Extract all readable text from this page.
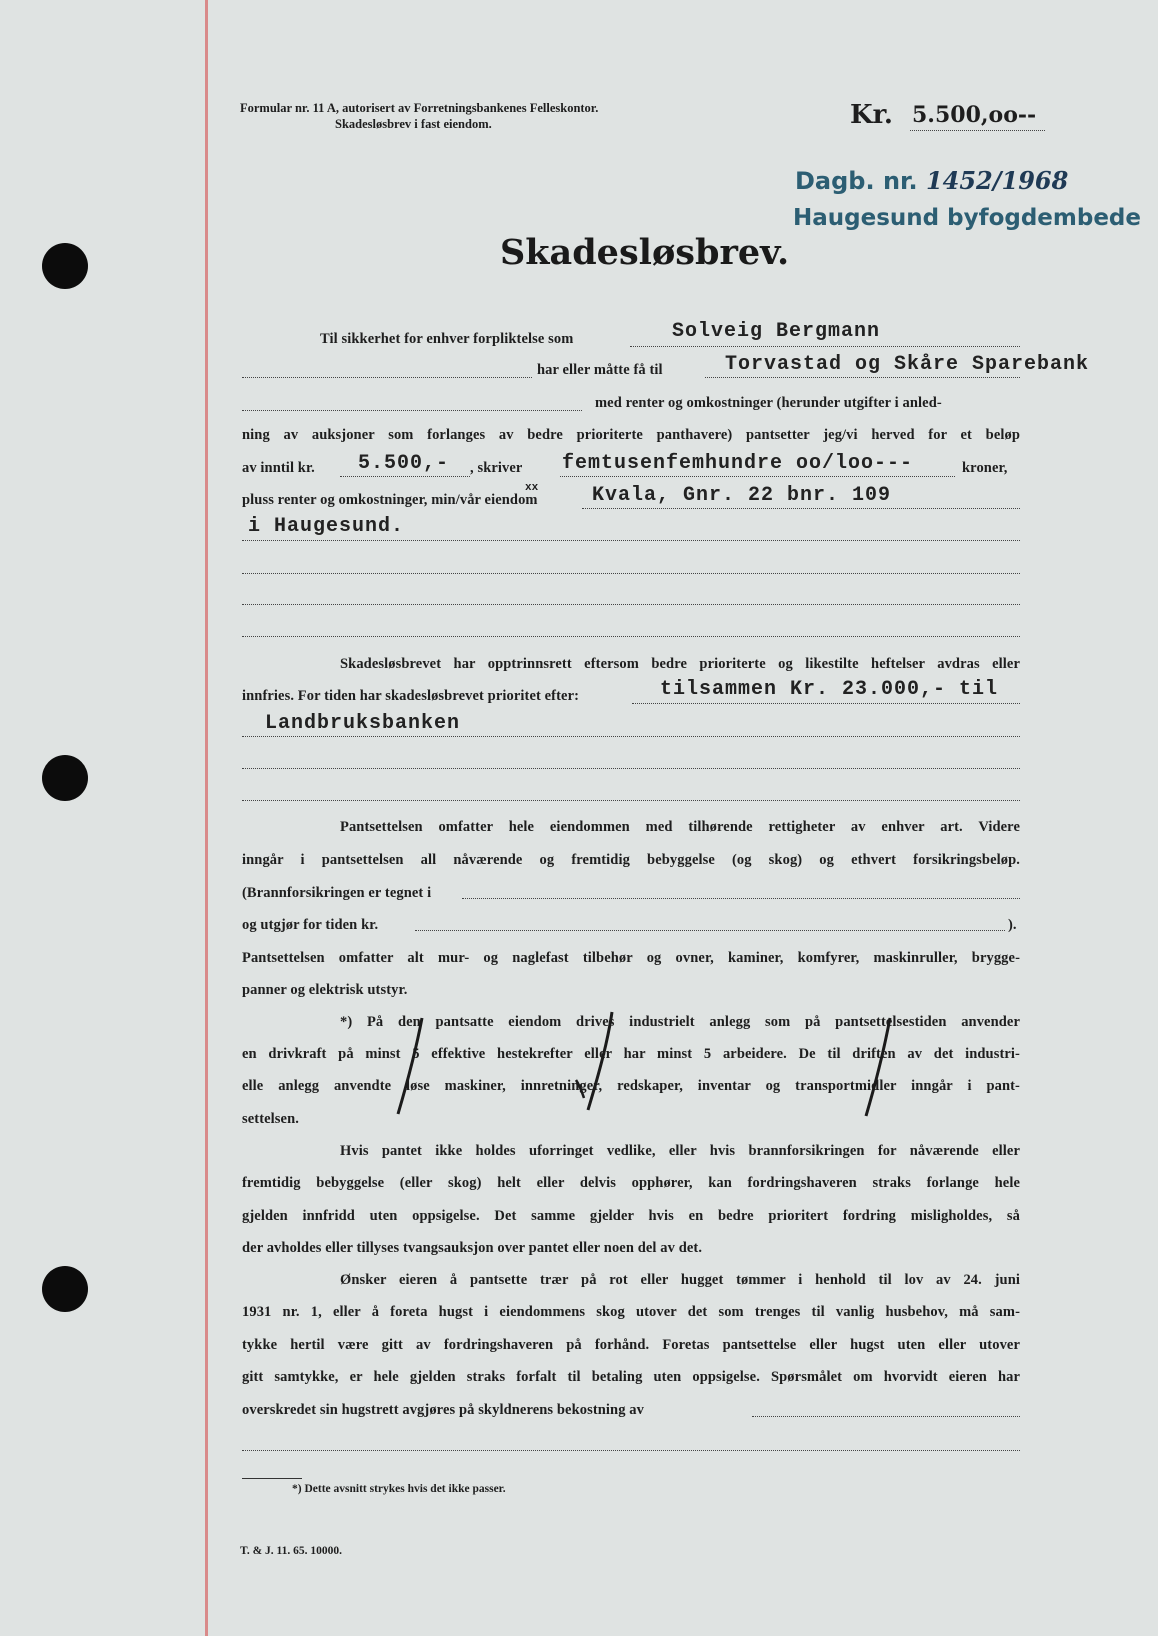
Formular nr. 11 A, autorisert av Forretningsbankenes Felleskontor.
Skadesløsbrev i fast eiendom.	Kr. 5.500,oo--
Dagb. nr. 1452/1968
Haugesund byfogdembede
Skadesløsbrev.
Til sikkerhet for enhver forpliktelse som	Solveig Bergmann
har eller måtte få til	Torvastad og Skåre Sparebank
med renter og omkostninger (herunder utgifter i anled-
ning av auksjoner som forlanges av bedre prioriterte panthavere) pantsetter jeg/vi herved for et beløp
av inntil kr. 5.500,- , skriver femtusenfemhundre oo/loo---	kroner,
pluss renter og omkostninger, min/vår eiendom
xx	Kvala, Gnr. 22 bnr. 109
i Haugesund.
Skadesløsbrevet har opptrinnsrett eftersom bedre prioriterte og likestilte heftelser avdras eller
innfries. For tiden har skadesløsbrevet prioritet efter:	tilsammen Kr. 23.000,- til
Landbruksbanken
Pantsettelsen omfatter hele eiendommen med tilhørende rettigheter av enhver art. Videre
inngår i pantsettelsen all nåværende og fremtidig bebyggelse (og skog) og ethvert forsikringsbeløp.
(Brannforsikringen er tegnet i
og utgjør for tiden kr.	).
Pantsettelsen omfatter alt mur- og naglefast tilbehør og ovner, kaminer, komfyrer, maskinruller, brygge-
panner og elektrisk utstyr.
*) På den pantsatte eiendom drives industrielt anlegg som på pantsettelsestiden anvender
en drivkraft på minst 5 effektive hestekrefter eller har minst 5 arbeidere. De til driften av det industri-
elle anlegg anvendte løse maskiner, innretninger, redskaper, inventar og transportmidler inngår i pant-
settelsen.
Hvis pantet ikke holdes uforringet vedlike, eller hvis brannforsikringen for nåværende eller
fremtidig bebyggelse (eller skog) helt eller delvis opphører, kan fordringshaveren straks forlange hele
gjelden innfridd uten oppsigelse. Det samme gjelder hvis en bedre prioritert fordring misligholdes, så
der avholdes eller tillyses tvangsauksjon over pantet eller noen del av det.
Ønsker eieren å pantsette trær på rot eller hugget tømmer i henhold til lov av 24. juni
1931 nr. 1, eller å foreta hugst i eiendommens skog utover det som trenges til vanlig husbehov, må sam-
tykke hertil være gitt av fordringshaveren på forhånd. Foretas pantsettelse eller hugst uten eller utover
gitt samtykke, er hele gjelden straks forfalt til betaling uten oppsigelse. Spørsmålet om hvorvidt eieren har
overskredet sin hugstrett avgjøres på skyldnerens bekostning av
*) Dette avsnitt strykes hvis det ikke passer.
T. & J. 11. 65. 10000.
